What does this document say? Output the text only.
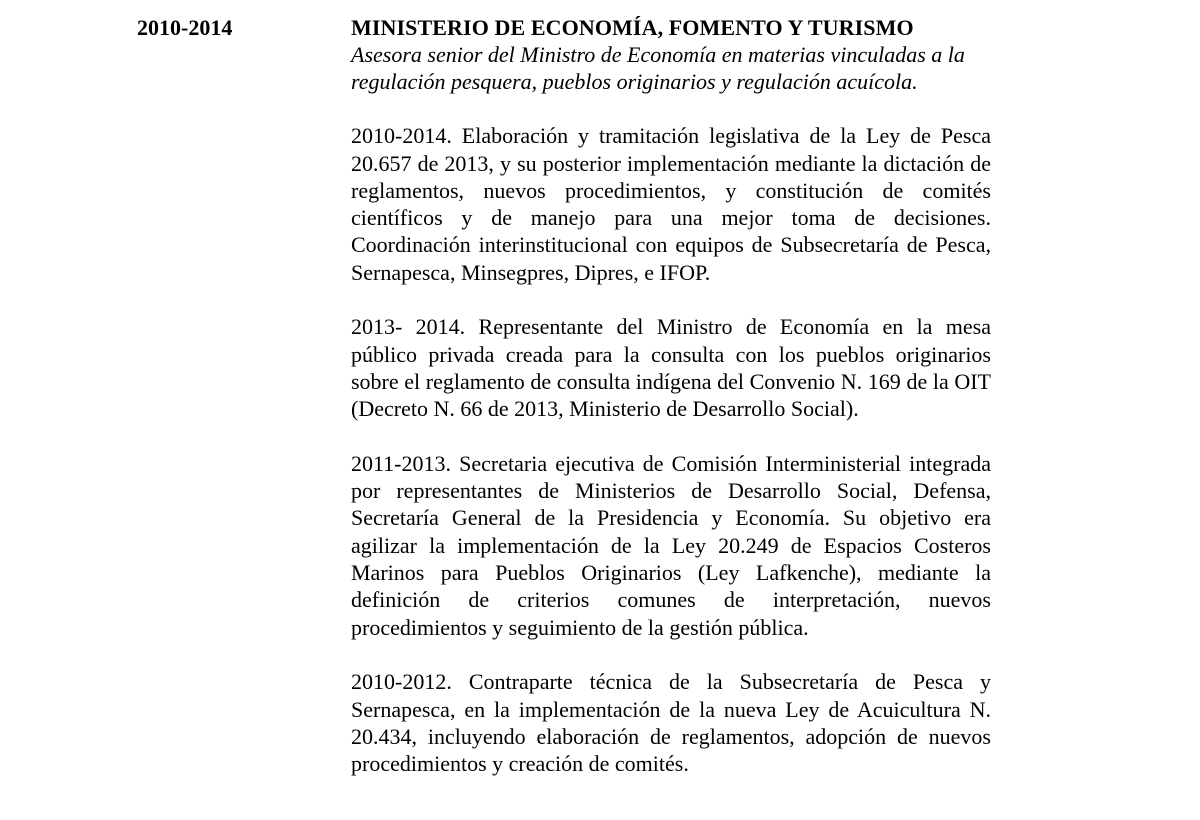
2010-2014	MINISTERIO DE ECONOMÍA, FOMENTO Y TURISMO

Asesora senior del Ministro de Economía en materias vinculadas a la regulación pesquera, pueblos originarios y regulación acuícola.

2010-2014. Elaboración y tramitación legislativa de la Ley de Pesca 20.657 de 2013, y su posterior implementación mediante la dictación de reglamentos, nuevos procedimientos, y constitución de comités científicos y de manejo para una mejor toma de decisiones. Coordinación interinstitucional con equipos de Subsecretaría de Pesca, Sernapesca, Minsegpres, Dipres, e IFOP.

2013- 2014. Representante del Ministro de Economía en la mesa público privada creada para la consulta con los pueblos originarios sobre el reglamento de consulta indígena del Convenio N. 169 de la OIT (Decreto N. 66 de 2013, Ministerio de Desarrollo Social).

2011-2013. Secretaria ejecutiva de Comisión Interministerial integrada por representantes de Ministerios de Desarrollo Social, Defensa, Secretaría General de la Presidencia y Economía. Su objetivo era agilizar la implementación de la Ley 20.249 de Espacios Costeros Marinos para Pueblos Originarios (Ley Lafkenche), mediante la definición de criterios comunes de interpretación, nuevos procedimientos y seguimiento de la gestión pública.

2010-2012. Contraparte técnica de la Subsecretaría de Pesca y Sernapesca, en la implementación de la nueva Ley de Acuicultura N. 20.434, incluyendo elaboración de reglamentos, adopción de nuevos procedimientos y creación de comités.
